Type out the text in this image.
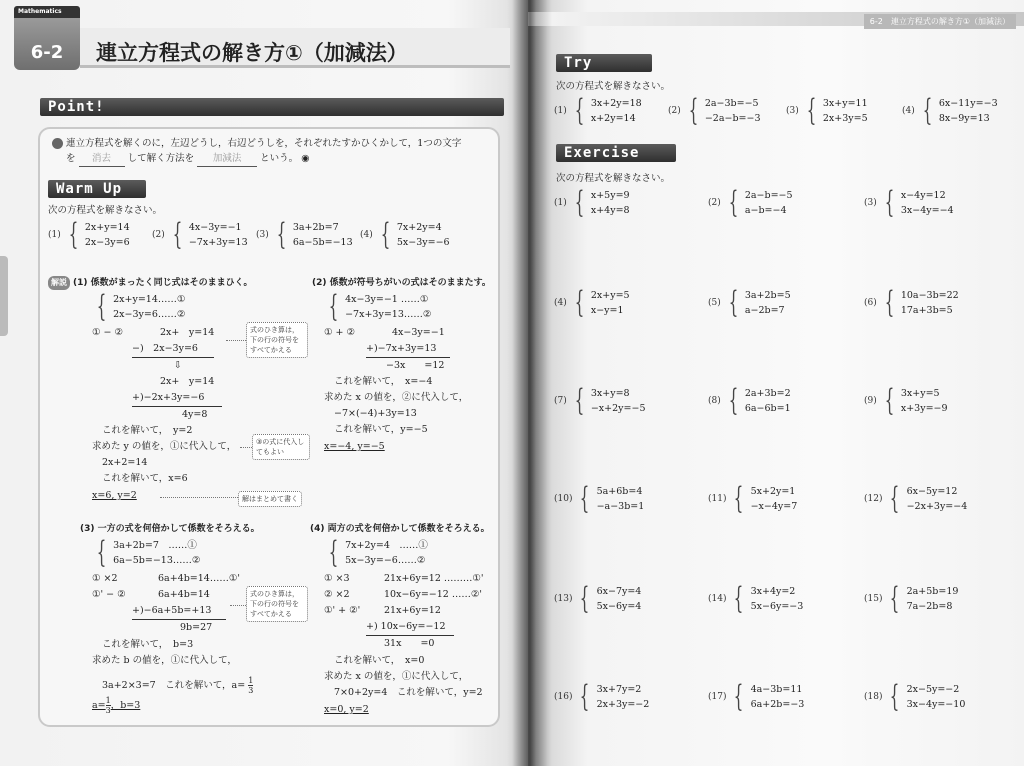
Mathematics
6-2	連立方程式の解き方①（加減法）
Point!
連立方程式を解くのに，左辺どうし，右辺どうしを，それぞれたすかひくかして，1つの文字
を 消去 して解く方法を 加減法 という。 ◉
Warm Up
次の方程式を解きなさい。
(1) { 2x+y=14
2x−3y=6
(2) { 4x−3y=−1
−7x+3y=13
(3) { 3a+2b=7
6a−5b=−13
(4) { 7x+2y=4
5x−3y=−6
解説 (1) 係数がまったく同じ式はそのままひく。
{ 2x+y=14……①
2x−3y=6……②
① − ②	2x+　y=14
−)　2x−3y=6
⇩
2x+　y=14
+)−2x+3y=−6
4y=8
これを解いて，　y=2
求めた y の値を，①に代入して，
2x+2=14
これを解いて，x=6
x=6, y=2
式のひき算は，下の行の符号をすべてかえる
③の式に代入してもよい
解はまとめて書く
(2) 係数が符号ちがいの式はそのままたす。
{ 4x−3y=−1 ……①
−7x+3y=13……②
① + ②	4x−3y=−1
+)−7x+3y=13
−3x　　=12
これを解いて，　x=−4
求めた x の値を，②に代入して，
−7×(−4)+3y=13
これを解いて，y=−5
x=−4, y=−5
(3) 一方の式を何倍かして係数をそろえる。
{ 3a+2b=7　……①
6a−5b=−13……②
① ×2	6a+4b=14……①'
①' − ②	6a+4b=14
+)−6a+5b=+13
9b=27
これを解いて，　b=3
求めた b の値を，①に代入して，
3a+2×3=7　これを解いて，$a= \frac{1}{3}$
$a= \frac{1}{3}$ ，b=3
式のひき算は，下の行の符号をすべてかえる
(4) 両方の式を何倍かして係数をそろえる。
{ 7x+2y=4　……①
5x−3y=−6……②
① ×3	21x+6y=12 ………①'
② ×2	10x−6y=−12 ……②'
①' + ②' 21x+6y=12
+) 10x−6y=−12
31x　　=0
これを解いて，　x=0
求めた x の値を，①に代入して，
7×0+2y=4　これを解いて，y=2
x=0, y=2
6-2　連立方程式の解き方①（加減法）
Try
次の方程式を解きなさい。
(1) { 3x+2y=18
x+2y=14
(2) { 2a−3b=−5
−2a−b=−3
(3) { 3x+y=11
2x+3y=5
(4) { 6x−11y=−3
8x−9y=13
Exercise
次の方程式を解きなさい。
(1) { x+5y=9
x+4y=8
(2) { 2a−b=−5
a−b=−4
(3) { x−4y=12
3x−4y=−4
(4) { 2x+y=5
x−y=1
(5) { 3a+2b=5
a−2b=7
(6) { 10a−3b=22
17a+3b=5
(7) { 3x+y=8
−x+2y=−5
(8) { 2a+3b=2
6a−6b=1
(9) { 3x+y=5
x+3y=−9
(10) { 5a+6b=4
−a−3b=1
(11) { 5x+2y=1
−x−4y=7
(12) { 6x−5y=12
−2x+3y=−4
(13) { 6x−7y=4
5x−6y=4
(14) { 3x+4y=2
5x−6y=−3
(15) { 2a+5b=19
7a−2b=8
(16) { 3x+7y=2
2x+3y=−2
(17) { 4a−3b=11
6a+2b=−3
(18) { 2x−5y=−2
3x−4y=−10
